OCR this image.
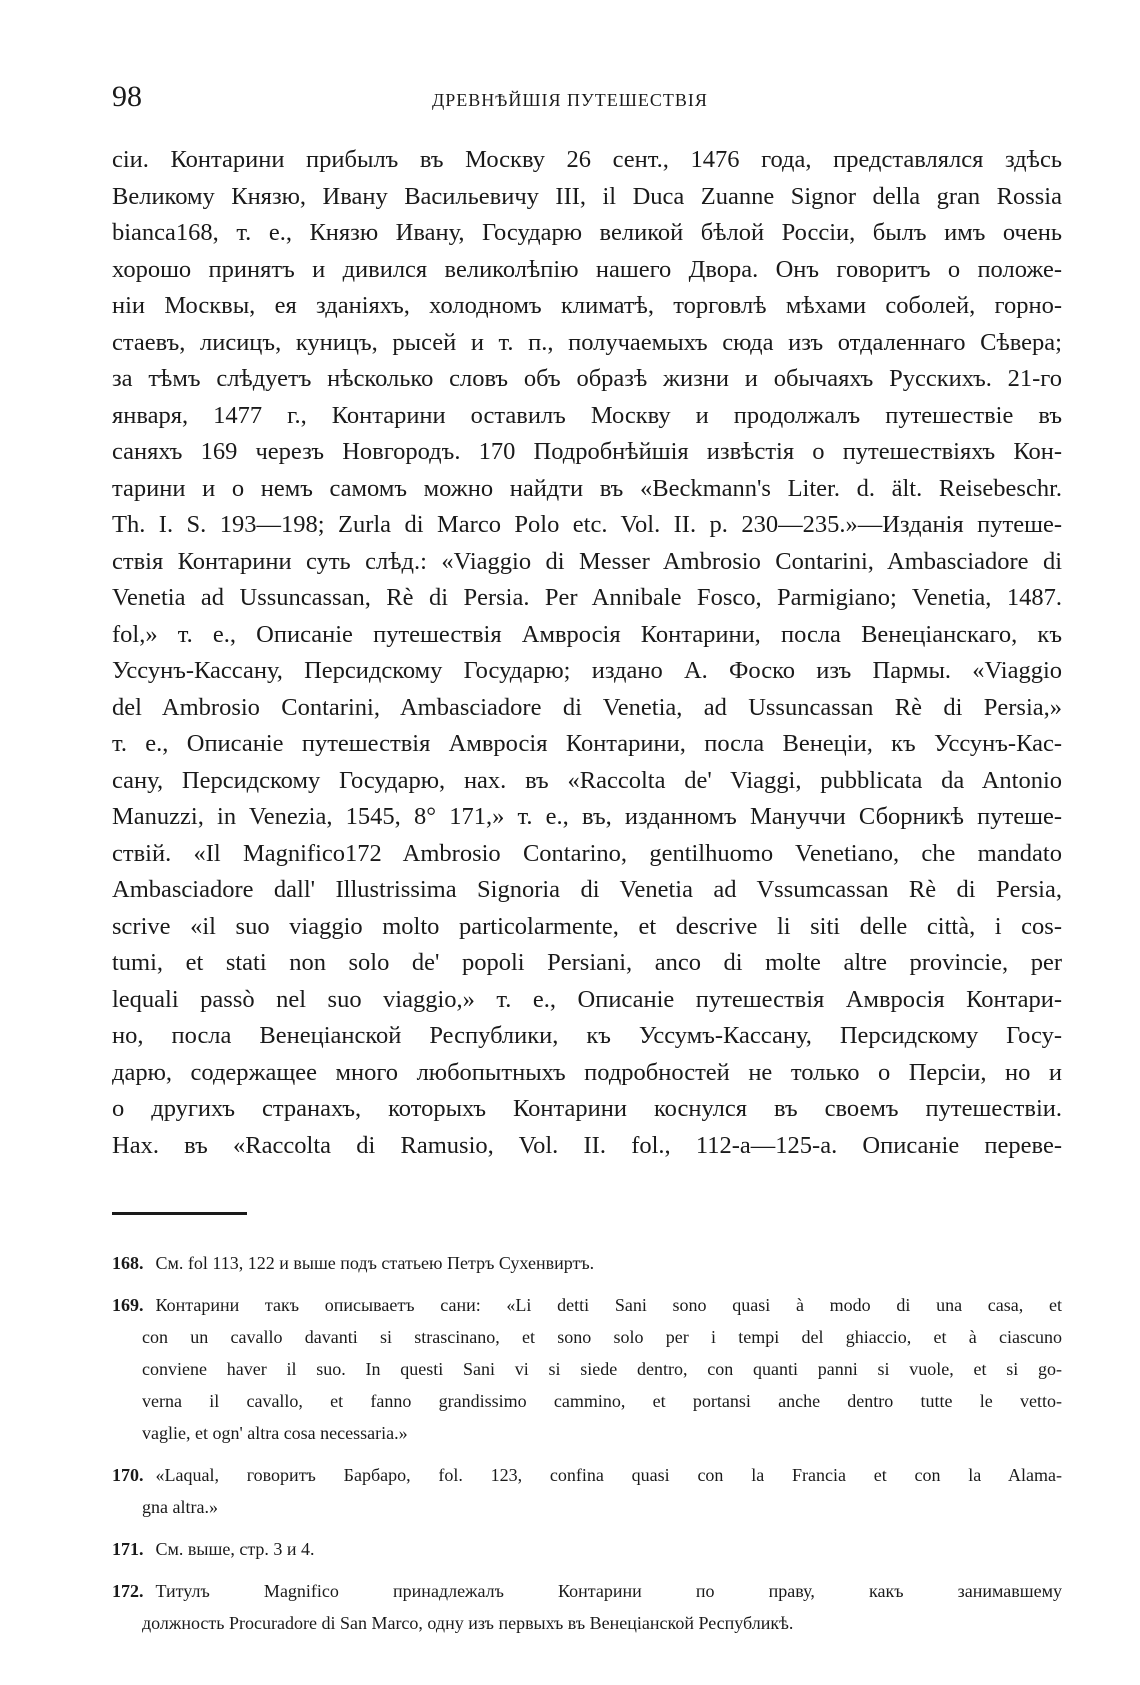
98	ДРЕВНѢЙШІЯ ПУТЕШЕСТВІЯ
сіи. Контарини прибылъ въ Москву 26 сент., 1476 года, представлялся здѣсь
Великому Князю, Ивану Васильевичу III, il Duca Zuanne Signor della gran Rossia
bianca168, т. е., Князю Ивану, Государю великой бѣлой Россіи, былъ имъ очень
хорошо принятъ и дивился великолѣпію нашего Двора. Онъ говоритъ о положе-
ніи Москвы, ея зданіяхъ, холодномъ климатѣ, торговлѣ мѣхами соболей, горно-
стаевъ, лисицъ, куницъ, рысей и т. п., получаемыхъ сюда изъ отдаленнаго Сѣвера;
за тѣмъ слѣдуетъ нѣсколько словъ объ образѣ жизни и обычаяхъ Русскихъ. 21-го
января, 1477 г., Контарини оставилъ Москву и продолжалъ путешествіе въ
саняхъ 169 черезъ Новгородъ. 170 Подробнѣйшія извѣстія о путешествіяхъ Кон-
тарини и о немъ самомъ можно найдти въ «Beckmann's Liter. d. ält. Reisebeschr.
Th. I. S. 193—198; Zurla di Marco Polo etc. Vol. II. p. 230—235.»—Изданія путеше-
ствія Контарини суть слѣд.: «Viaggio di Messer Ambrosio Contarini, Ambasciadore di
Venetia ad Ussuncassan, Rè di Persia. Per Annibale Fosco, Parmigiano; Venetia, 1487.
fol,» т. е., Описаніе путешествія Амвросія Контарини, посла Венеціанскаго, къ
Уссунъ-Кассану, Персидскому Государю; издано А. Фоско изъ Пармы. «Viaggio
del Ambrosio Contarini, Ambasciadore di Venetia, ad Ussuncassan Rè di Persia,»
т. е., Описаніе путешествія Амвросія Контарини, посла Венеціи, къ Уссунъ-Кас-
сану, Персидскому Государю, нах. въ «Raccolta de' Viaggi, pubblicata da Antonio
Manuzzi, in Venezia, 1545, 8° 171,» т. е., въ, изданномъ Мануччи Сборникѣ путеше-
ствій. «Il Magnifico172 Ambrosio Contarino, gentilhuomo Venetiano, che mandato
Ambasciadore dall' Illustrissima Signoria di Venetia ad Vssumcassan Rè di Persia,
scrive «il suo viaggio molto particolarmente, et descrive li siti delle città, i cos-
tumi, et stati non solo de' popoli Persiani, anco di molte altre provincie, per
lequali passò nel suo viaggio,» т. е., Описаніе путешествія Амвросія Контари-
но, посла Венеціанской Республики, къ Уссумъ-Кассану, Персидскому Госу-
дарю, содержащее много любопытныхъ подробностей не только о Персіи, но и
о другихъ странахъ, которыхъ Контарини коснулся въ своемъ путешествіи.
Нах. въ «Raccolta di Ramusio, Vol. II. fol., 112-a—125-a. Описаніе переве-
168. См. fol 113, 122 и выше подъ статьею Петръ Сухенвиртъ.
169. Контарини такъ описываетъ сани: «Li detti Sani sono quasi à modo di una casa, et
con un cavallo davanti si strascinano, et sono solo per i tempi del ghiaccio, et à ciascuno
conviene haver il suo. In questi Sani vi si siede dentro, con quanti panni si vuole, et si go-
verna il cavallo, et fanno grandissimo cammino, et portansi anche dentro tutte le vetto-
vaglie, et ogn' altra cosa necessaria.»
170. «Laqual, говоритъ Барбаро, fol. 123, confina quasi con la Francia et con la Alama-
gna altra.»
171. См. выше, стр. 3 и 4.
172. Титулъ Magnifico принадлежалъ Контарини по праву, какъ занимавшему
должность Procuradore di San Marco, одну изъ первыхъ въ Венеціанской Республикѣ.
